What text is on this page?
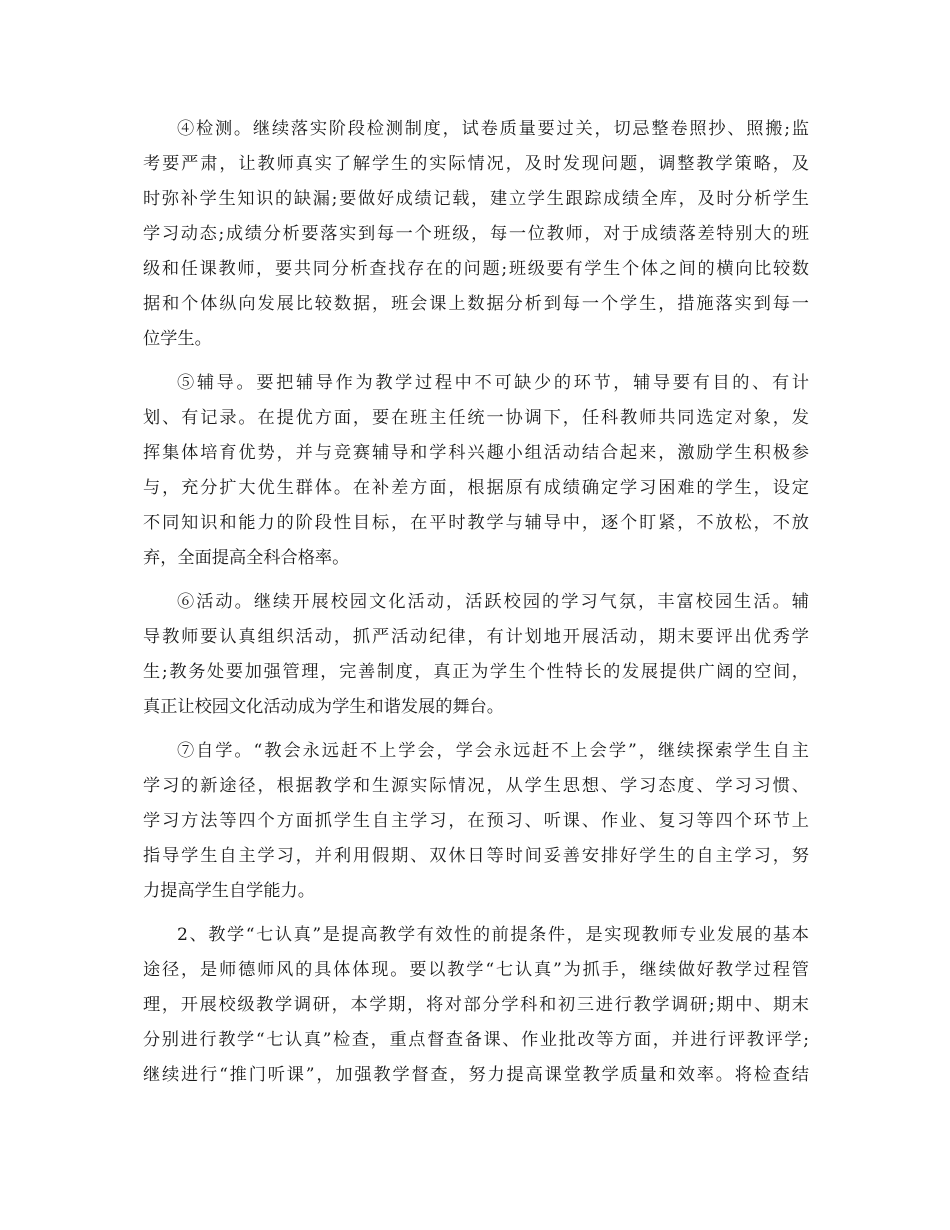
④检测。继续落实阶段检测制度，试卷质量要过关，切忌整卷照抄、照搬;监
考要严肃，让教师真实了解学生的实际情况，及时发现问题，调整教学策略，及
时弥补学生知识的缺漏;要做好成绩记载，建立学生跟踪成绩全库，及时分析学生
学习动态;成绩分析要落实到每一个班级，每一位教师，对于成绩落差特别大的班
级和任课教师，要共同分析查找存在的问题;班级要有学生个体之间的横向比较数
据和个体纵向发展比较数据，班会课上数据分析到每一个学生，措施落实到每一
位学生。

⑤辅导。要把辅导作为教学过程中不可缺少的环节，辅导要有目的、有计
划、有记录。在提优方面，要在班主任统一协调下，任科教师共同选定对象，发
挥集体培育优势，并与竞赛辅导和学科兴趣小组活动结合起来，激励学生积极参
与，充分扩大优生群体。在补差方面，根据原有成绩确定学习困难的学生，设定
不同知识和能力的阶段性目标，在平时教学与辅导中，逐个盯紧，不放松，不放
弃，全面提高全科合格率。

⑥活动。继续开展校园文化活动，活跃校园的学习气氛，丰富校园生活。辅
导教师要认真组织活动，抓严活动纪律，有计划地开展活动，期末要评出优秀学
生;教务处要加强管理，完善制度，真正为学生个性特长的发展提供广阔的空间，
真正让校园文化活动成为学生和谐发展的舞台。

⑦自学。“教会永远赶不上学会，学会永远赶不上会学”，继续探索学生自主
学习的新途径，根据教学和生源实际情况，从学生思想、学习态度、学习习惯、
学习方法等四个方面抓学生自主学习，在预习、听课、作业、复习等四个环节上
指导学生自主学习，并利用假期、双休日等时间妥善安排好学生的自主学习，努
力提高学生自学能力。

2、教学“七认真”是提高教学有效性的前提条件，是实现教师专业发展的基本
途径，是师德师风的具体体现。要以教学“七认真”为抓手，继续做好教学过程管
理，开展校级教学调研，本学期，将对部分学科和初三进行教学调研;期中、期末
分别进行教学“七认真”检查，重点督查备课、作业批改等方面，并进行评教评学;
继续进行“推门听课”，加强教学督查，努力提高课堂教学质量和效率。将检查结
